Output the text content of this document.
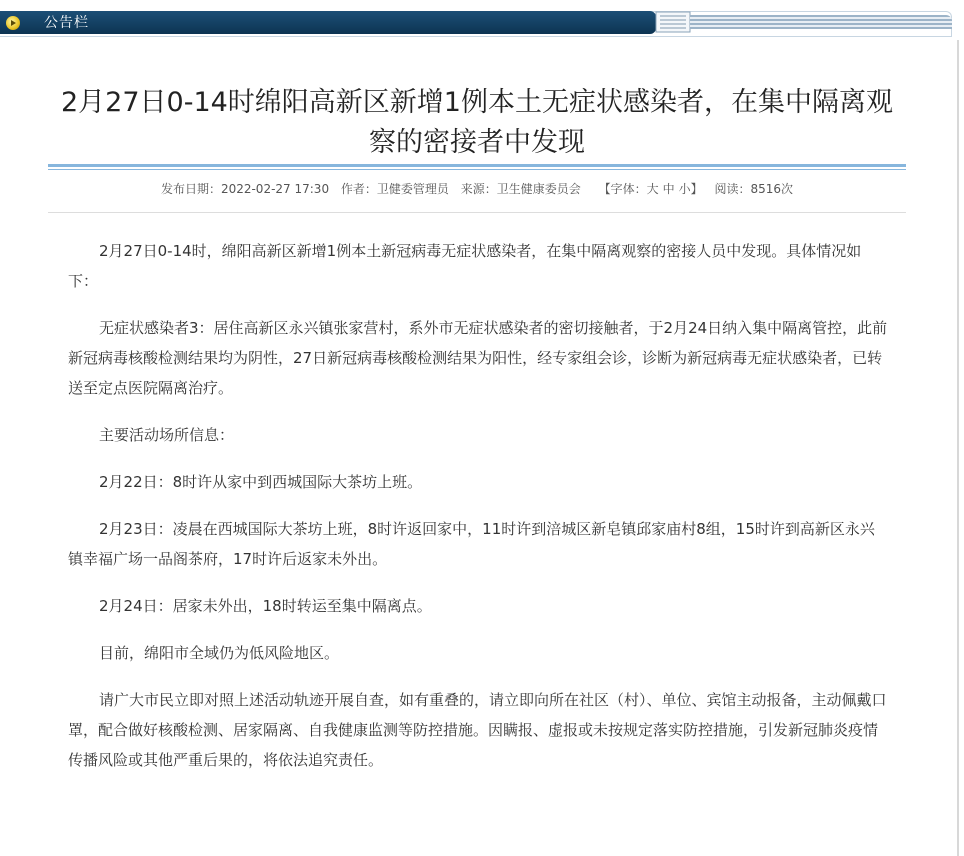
公告栏
2月27日0-14时绵阳高新区新增1例本土无症状感染者，在集中隔离观察的密接者中发现
发布日期：2022-02-27 17:30 作者：卫健委管理员 来源：卫生健康委员会 【字体：大 中 小】 阅读：8516次

2月27日0-14时，绵阳高新区新增1例本土新冠病毒无症状感染者，在集中隔离观察的密接人员中发现。具体情况如下：

无症状感染者3：居住高新区永兴镇张家营村，系外市无症状感染者的密切接触者，于2月24日纳入集中隔离管控，此前新冠病毒核酸检测结果均为阴性，27日新冠病毒核酸检测结果为阳性，经专家组会诊，诊断为新冠病毒无症状感染者，已转送至定点医院隔离治疗。

主要活动场所信息：

2月22日：8时许从家中到西城国际大茶坊上班。

2月23日：凌晨在西城国际大茶坊上班，8时许返回家中，11时许到涪城区新皂镇邱家庙村8组，15时许到高新区永兴镇幸福广场一品阁茶府，17时许后返家未外出。

2月24日：居家未外出，18时转运至集中隔离点。

目前，绵阳市全域仍为低风险地区。

请广大市民立即对照上述活动轨迹开展自查，如有重叠的，请立即向所在社区（村）、单位、宾馆主动报备，主动佩戴口罩，配合做好核酸检测、居家隔离、自我健康监测等防控措施。因瞒报、虚报或未按规定落实防控措施，引发新冠肺炎疫情传播风险或其他严重后果的，将依法追究责任。
